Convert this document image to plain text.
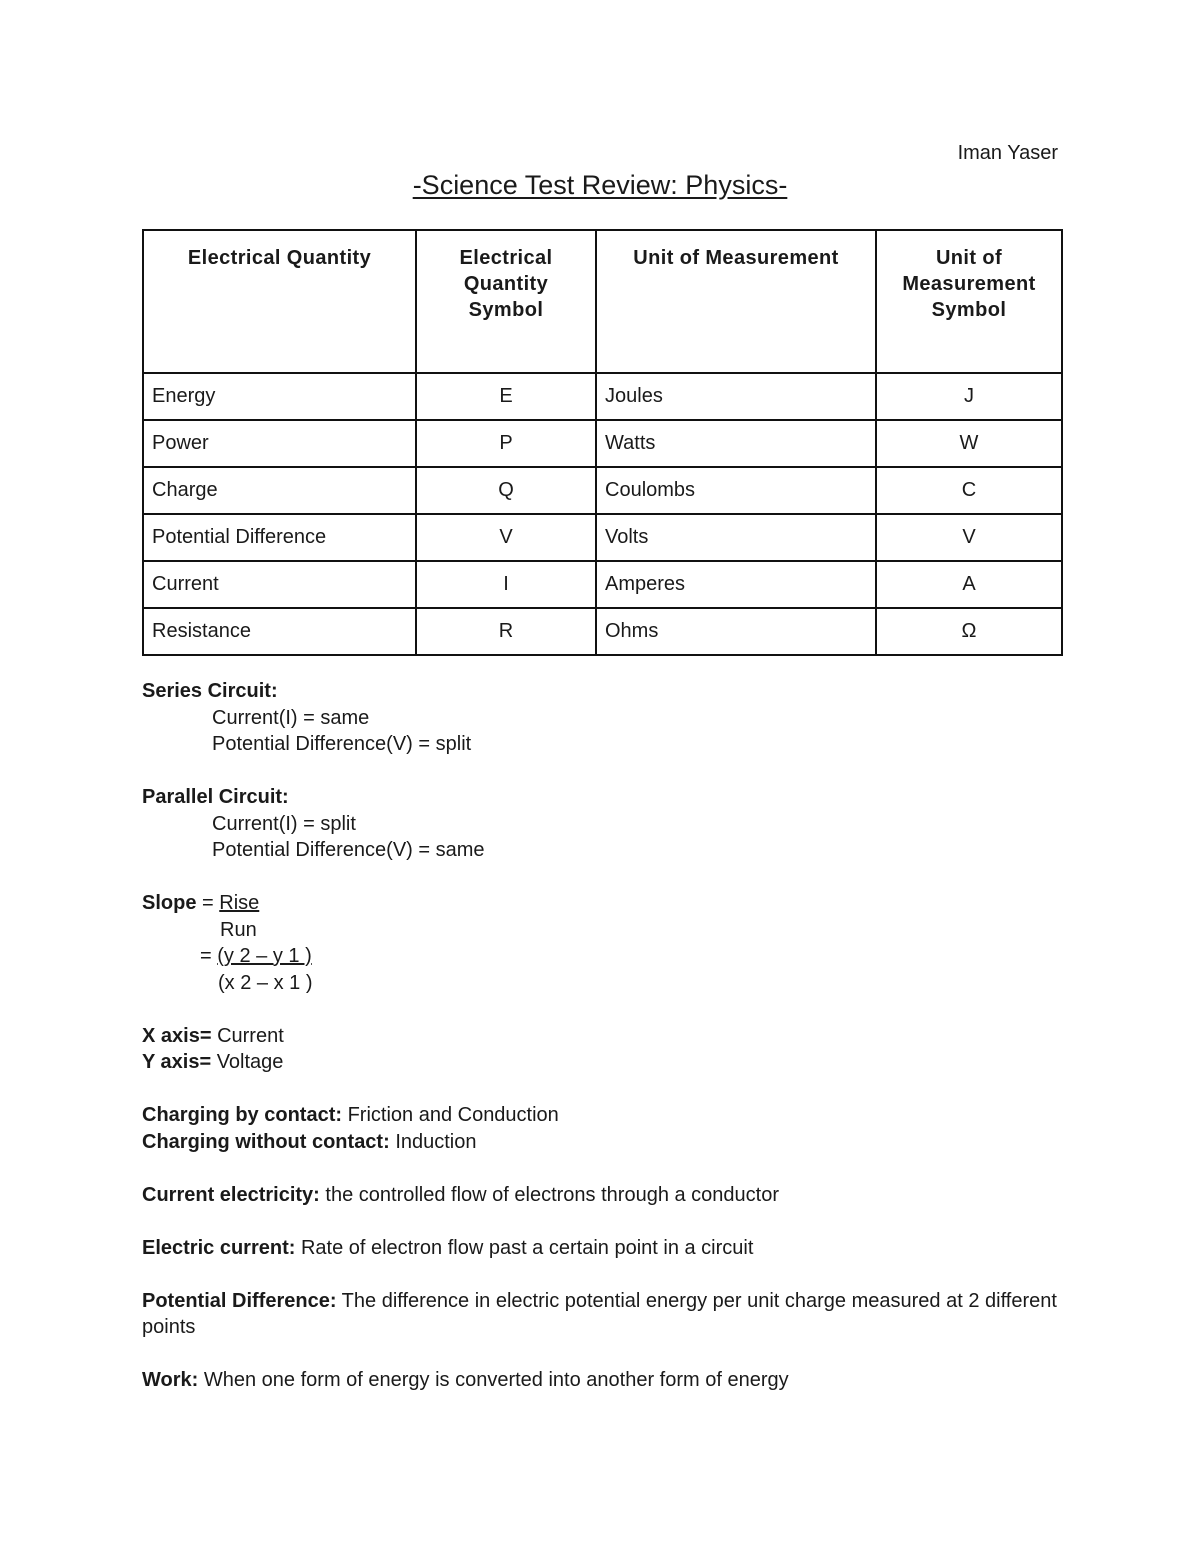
Iman Yaser
-Science Test Review: Physics-
Electrical Quantity	Electrical Quantity Symbol	Unit of Measurement	Unit of Measurement Symbol
Energy	E	Joules	J
Power	P	Watts	W
Charge	Q	Coulombs	C
Potential Difference	V	Volts	V
Current	I	Amperes	A
Resistance	R	Ohms	Ω

Series Circuit:

Current(I) = same

Potential Difference(V) = split

Parallel Circuit:

Current(I) = split

Potential Difference(V) = same

Slope = Rise

Run

= (y 2 – y 1 )

(x 2 – x 1 )

X axis= Current

Y axis= Voltage

Charging by contact: Friction and Conduction

Charging without contact: Induction

Current electricity: the controlled flow of electrons through a conductor

Electric current: Rate of electron flow past a certain point in a circuit

Potential Difference: The difference in electric potential energy per unit charge measured at 2 different points

Work: When one form of energy is converted into another form of energy
